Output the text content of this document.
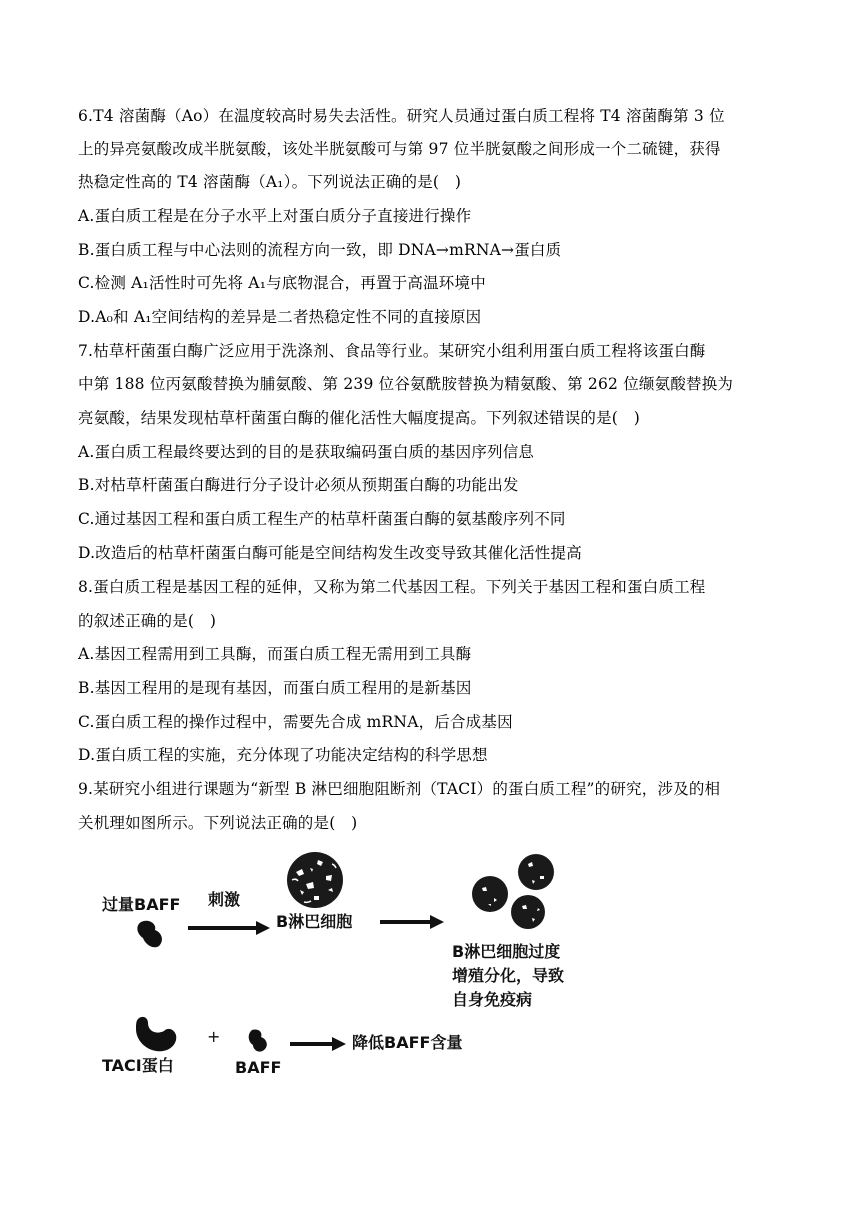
6.T4 溶菌酶（Ao）在温度较高时易失去活性。研究人员通过蛋白质工程将 T4 溶菌酶第 3 位
上的异亮氨酸改成半胱氨酸，该处半胱氨酸可与第 97 位半胱氨酸之间形成一个二硫键，获得
热稳定性高的 T4 溶菌酶（A₁）。下列说法正确的是(　)
A.蛋白质工程是在分子水平上对蛋白质分子直接进行操作
B.蛋白质工程与中心法则的流程方向一致，即 DNA→mRNA→蛋白质
C.检测 A₁活性时可先将 A₁与底物混合，再置于高温环境中
D.A₀和 A₁空间结构的差异是二者热稳定性不同的直接原因
7.枯草杆菌蛋白酶广泛应用于洗涤剂、食品等行业。某研究小组利用蛋白质工程将该蛋白酶
中第 188 位丙氨酸替换为脯氨酸、第 239 位谷氨酰胺替换为精氨酸、第 262 位缬氨酸替换为
亮氨酸，结果发现枯草杆菌蛋白酶的催化活性大幅度提高。下列叙述错误的是(　)
A.蛋白质工程最终要达到的目的是获取编码蛋白质的基因序列信息
B.对枯草杆菌蛋白酶进行分子设计必须从预期蛋白酶的功能出发
C.通过基因工程和蛋白质工程生产的枯草杆菌蛋白酶的氨基酸序列不同
D.改造后的枯草杆菌蛋白酶可能是空间结构发生改变导致其催化活性提高
8.蛋白质工程是基因工程的延伸，又称为第二代基因工程。下列关于基因工程和蛋白质工程
的叙述正确的是(　)
A.基因工程需用到工具酶，而蛋白质工程无需用到工具酶
B.基因工程用的是现有基因，而蛋白质工程用的是新基因
C.蛋白质工程的操作过程中，需要先合成 mRNA，后合成基因
D.蛋白质工程的实施，充分体现了功能决定结构的科学思想
9.某研究小组进行课题为“新型 B 淋巴细胞阻断剂（TACI）的蛋白质工程”的研究，涉及的相
关机理如图所示。下列说法正确的是(　)
过量BAFF 刺激
B淋巴细胞
B淋巴细胞过度
增殖分化，导致
自身免疫病
TACI蛋白
+
BAFF
降低BAFF含量
